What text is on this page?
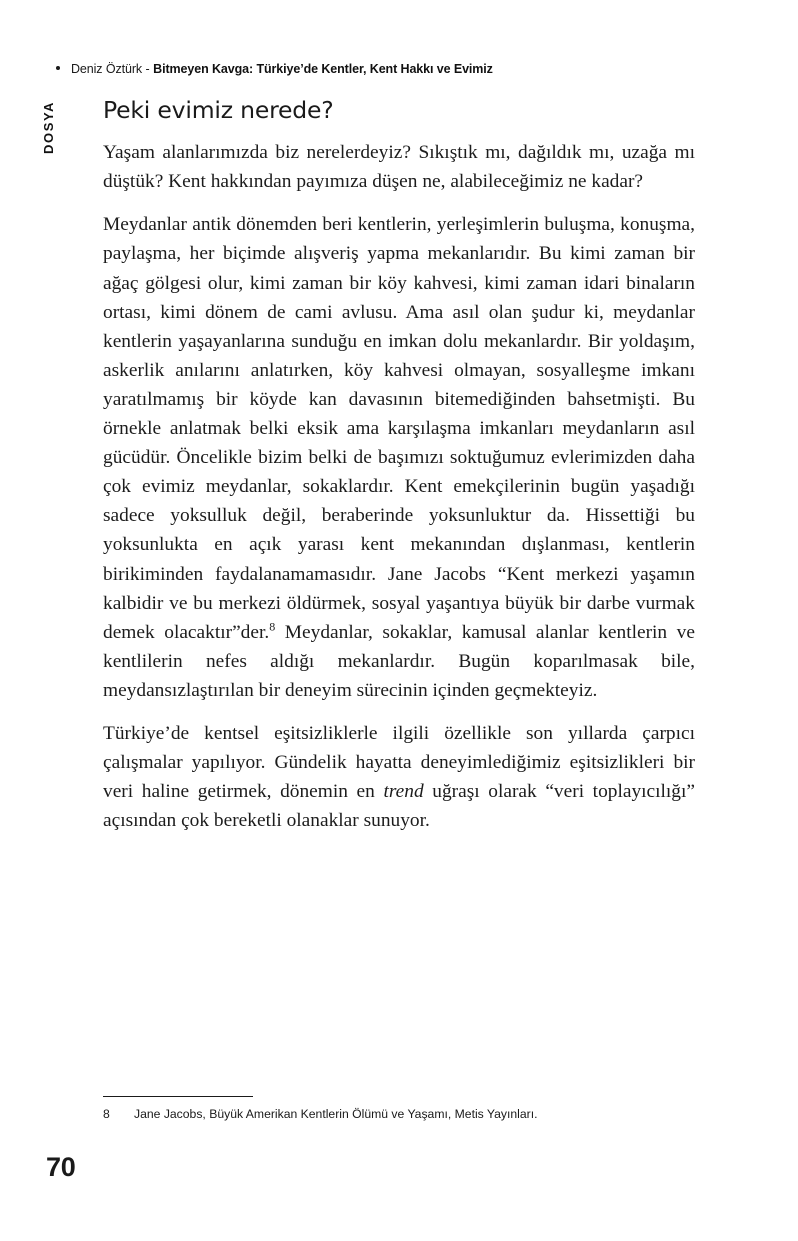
Deniz Öztürk - Bitmeyen Kavga: Türkiye’de Kentler, Kent Hakkı ve Evimiz
DOSYA Peki evimiz nerede?

Yaşam alanlarımızda biz nerelerdeyiz? Sıkıştık mı, dağıldık mı, uzağa mı düştük? Kent hakkından payımıza düşen ne, alabileceğimiz ne kadar?

Meydanlar antik dönemden beri kentlerin, yerleşimlerin buluşma, konuşma, paylaşma, her biçimde alışveriş yapma mekanlarıdır. Bu kimi zaman bir ağaç gölgesi olur, kimi zaman bir köy kahvesi, kimi zaman idari binaların ortası, kimi dönem de cami avlusu. Ama asıl olan şudur ki, meydanlar kentlerin yaşayanlarına sunduğu en imkan dolu mekanlardır. Bir yoldaşım, askerlik anılarını anlatırken, köy kahvesi olmayan, sosyalleşme imkanı yaratılmamış bir köyde kan davasının bitemediğinden bahsetmişti. Bu örnekle anlatmak belki eksik ama karşılaşma imkanları meydanların asıl gücüdür. Öncelikle bizim belki de başımızı soktuğumuz evlerimizden daha çok evimiz meydanlar, sokaklardır. Kent emekçilerinin bugün yaşadığı sadece yoksulluk değil, beraberinde yoksunluktur da. Hissettiği bu yoksunlukta en açık yarası kent mekanından dışlanması, kentlerin birikiminden faydalanamamasıdır. Jane Jacobs “Kent merkezi yaşamın kalbidir ve bu merkezi öldürmek, sosyal yaşantıya büyük bir darbe vurmak demek olacaktır”der.$^8$ Meydanlar, sokaklar, kamusal alanlar kentlerin ve kentlilerin nefes aldığı mekanlardır. Bugün koparılmasak bile, meydansızlaştırılan bir deneyim sürecinin içinden geçmekteyiz.

Türkiye’de kentsel eşitsizliklerle ilgili özellikle son yıllarda çarpıcı çalışmalar yapılıyor. Gündelik hayatta deneyimlediğimiz eşitsizlikleri bir veri haline getirmek, dönemin en trend uğraşı olarak “veri toplayıcılığı” açısından çok bereketli olanaklar sunuyor.

8	Jane Jacobs, Büyük Amerikan Kentlerin Ölümü ve Yaşamı, Metis Yayınları.
70
